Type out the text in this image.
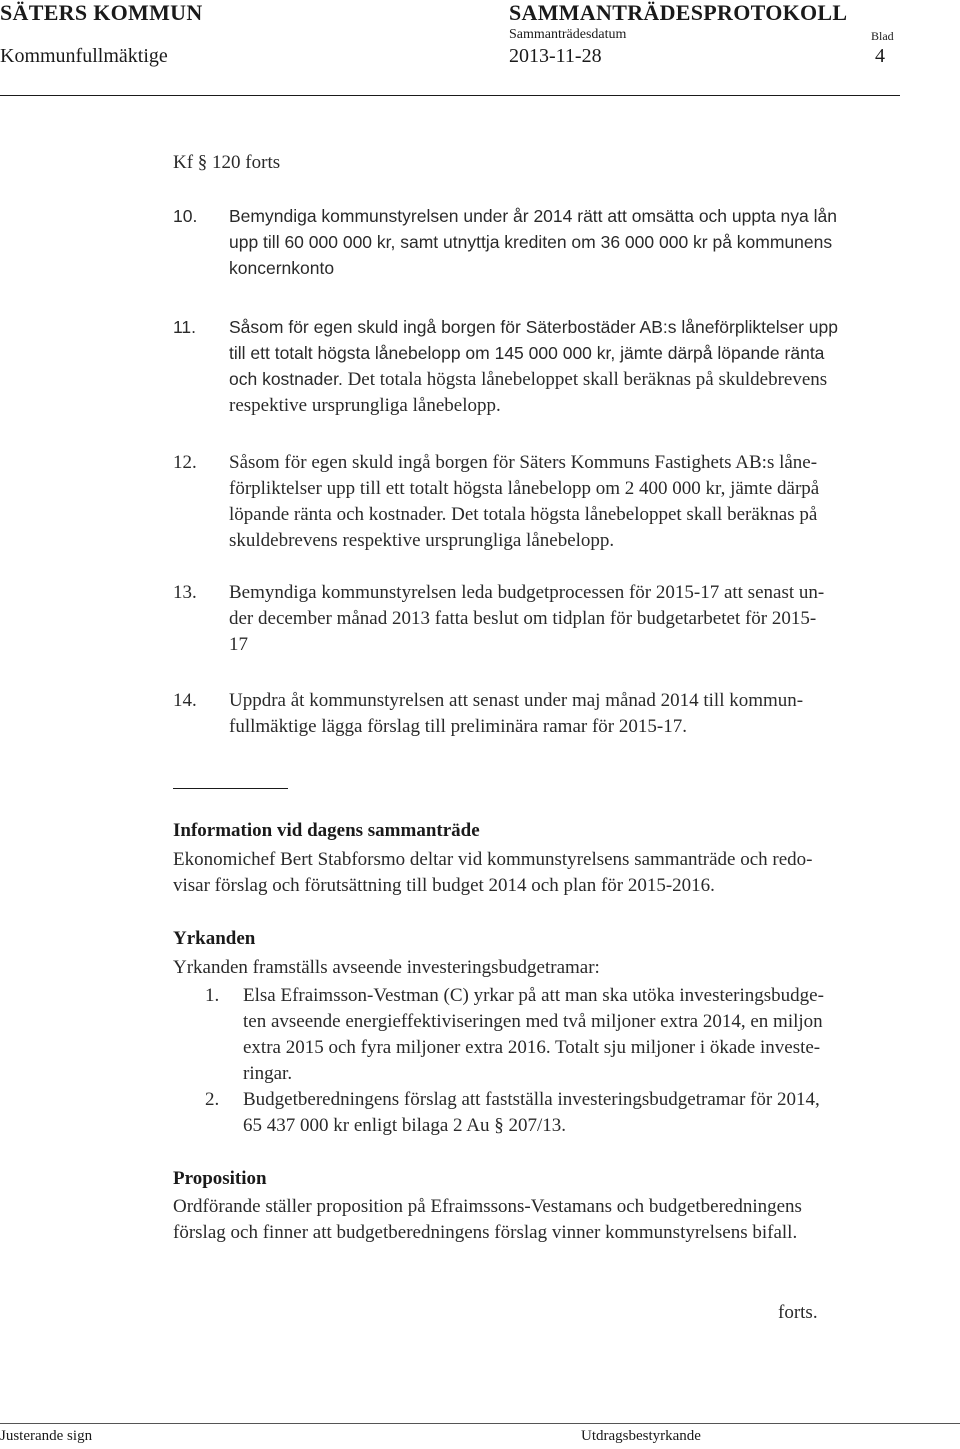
SÄTERS KOMMUN	SAMMANTRÄDESPROTOKOLL
Sammanträdesdatum	Blad
Kommunfullmäktige	2013-11-28	4
Kf § 120 forts
10. Bemyndiga kommunstyrelsen under år 2014 rätt att omsätta och uppta nya lån
upp till 60 000 000 kr, samt utnyttja krediten om 36 000 000 kr på kommunens
koncernkonto
11. Såsom för egen skuld ingå borgen för Säterbostäder AB:s låneförpliktelser upp
till ett totalt högsta lånebelopp om 145 000 000 kr, jämte därpå löpande ränta
och kostnader. Det totala högsta lånebeloppet skall beräknas på skuldebrevens
respektive ursprungliga lånebelopp.
12. Såsom för egen skuld ingå borgen för Säters Kommuns Fastighets AB:s låne-
förpliktelser upp till ett totalt högsta lånebelopp om 2 400 000 kr, jämte därpå
löpande ränta och kostnader. Det totala högsta lånebeloppet skall beräknas på
skuldebrevens respektive ursprungliga lånebelopp.
13. Bemyndiga kommunstyrelsen leda budgetprocessen för 2015-17 att senast un-
der december månad 2013 fatta beslut om tidplan för budgetarbetet för 2015-
17
14. Uppdra åt kommunstyrelsen att senast under maj månad 2014 till kommun-
fullmäktige lägga förslag till preliminära ramar för 2015-17.
Information vid dagens sammanträde
Ekonomichef Bert Stabforsmo deltar vid kommunstyrelsens sammanträde och redo-
visar förslag och förutsättning till budget 2014 och plan för 2015-2016.
Yrkanden
Yrkanden framställs avseende investeringsbudgetramar:
1. Elsa Efraimsson-Vestman (C) yrkar på att man ska utöka investeringsbudge-
ten avseende energieffektiviseringen med två miljoner extra 2014, en miljon
extra 2015 och fyra miljoner extra 2016. Totalt sju miljoner i ökade investe-
ringar.
2. Budgetberedningens förslag att fastställa investeringsbudgetramar för 2014,
65 437 000 kr enligt bilaga 2 Au § 207/13.
Proposition
Ordförande ställer proposition på Efraimssons-Vestamans och budgetberedningens
förslag och finner att budgetberedningens förslag vinner kommunstyrelsens bifall.
forts.
Justerande sign	Utdragsbestyrkande
